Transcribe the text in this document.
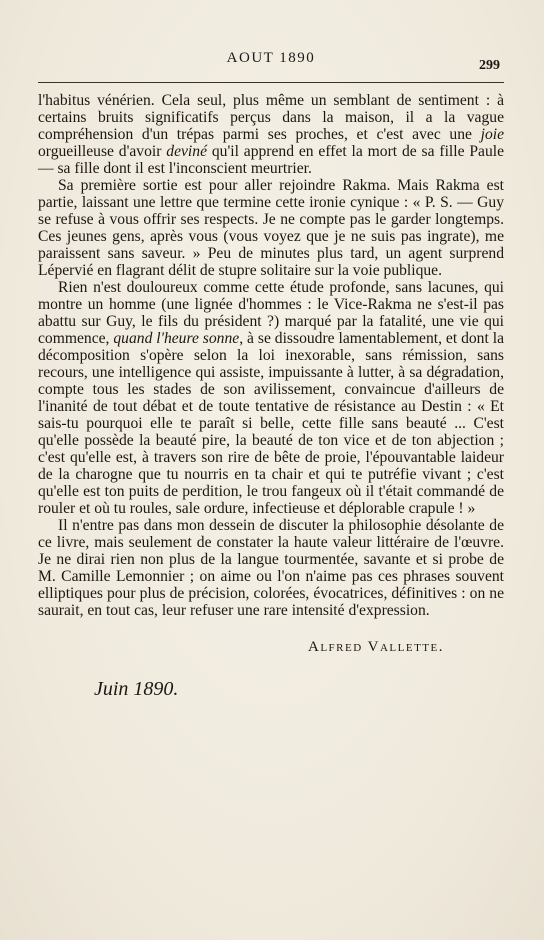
AOUT 1890	299

l'habitus vénérien. Cela seul, plus même un semblant de sentiment : à certains bruits significatifs perçus dans la maison, il a la vague compréhension d'un trépas parmi ses proches, et c'est avec une joie orgueilleuse d'avoir deviné qu'il apprend en effet la mort de sa fille Paule — sa fille dont il est l'inconscient meurtrier.

Sa première sortie est pour aller rejoindre Rakma. Mais Rakma est partie, laissant une lettre que termine cette ironie cynique : « P. S. — Guy se refuse à vous offrir ses respects. Je ne compte pas le garder longtemps. Ces jeunes gens, après vous (vous voyez que je ne suis pas ingrate), me paraissent sans saveur. » Peu de minutes plus tard, un agent surprend Lépervié en flagrant délit de stupre solitaire sur la voie publique.

Rien n'est douloureux comme cette étude profonde, sans lacunes, qui montre un homme (une lignée d'hommes : le Vice-Rakma ne s'est-il pas abattu sur Guy, le fils du président ?) marqué par la fatalité, une vie qui commence, quand l'heure sonne, à se dissoudre lamentablement, et dont la décomposition s'opère selon la loi inexorable, sans rémission, sans recours, une intelligence qui assiste, impuissante à lutter, à sa dégradation, compte tous les stades de son avilissement, convaincue d'ailleurs de l'inanité de tout débat et de toute tentative de résistance au Destin : « Et sais-tu pourquoi elle te paraît si belle, cette fille sans beauté ... C'est qu'elle possède la beauté pire, la beauté de ton vice et de ton abjection ; c'est qu'elle est, à travers son rire de bête de proie, l'épouvantable laideur de la charogne que tu nourris en ta chair et qui te putréfie vivant ; c'est qu'elle est ton puits de perdition, le trou fangeux où il t'était commandé de rouler et où tu roules, sale ordure, infectieuse et déplorable crapule ! »

Il n'entre pas dans mon dessein de discuter la philosophie désolante de ce livre, mais seulement de constater la haute valeur littéraire de l'œuvre. Je ne dirai rien non plus de la langue tourmentée, savante et si probe de M. Camille Lemonnier ; on aime ou l'on n'aime pas ces phrases souvent elliptiques pour plus de précision, colorées, évocatrices, définitives : on ne saurait, en tout cas, leur refuser une rare intensité d'expression.

Alfred Vallette.
Juin 1890.
